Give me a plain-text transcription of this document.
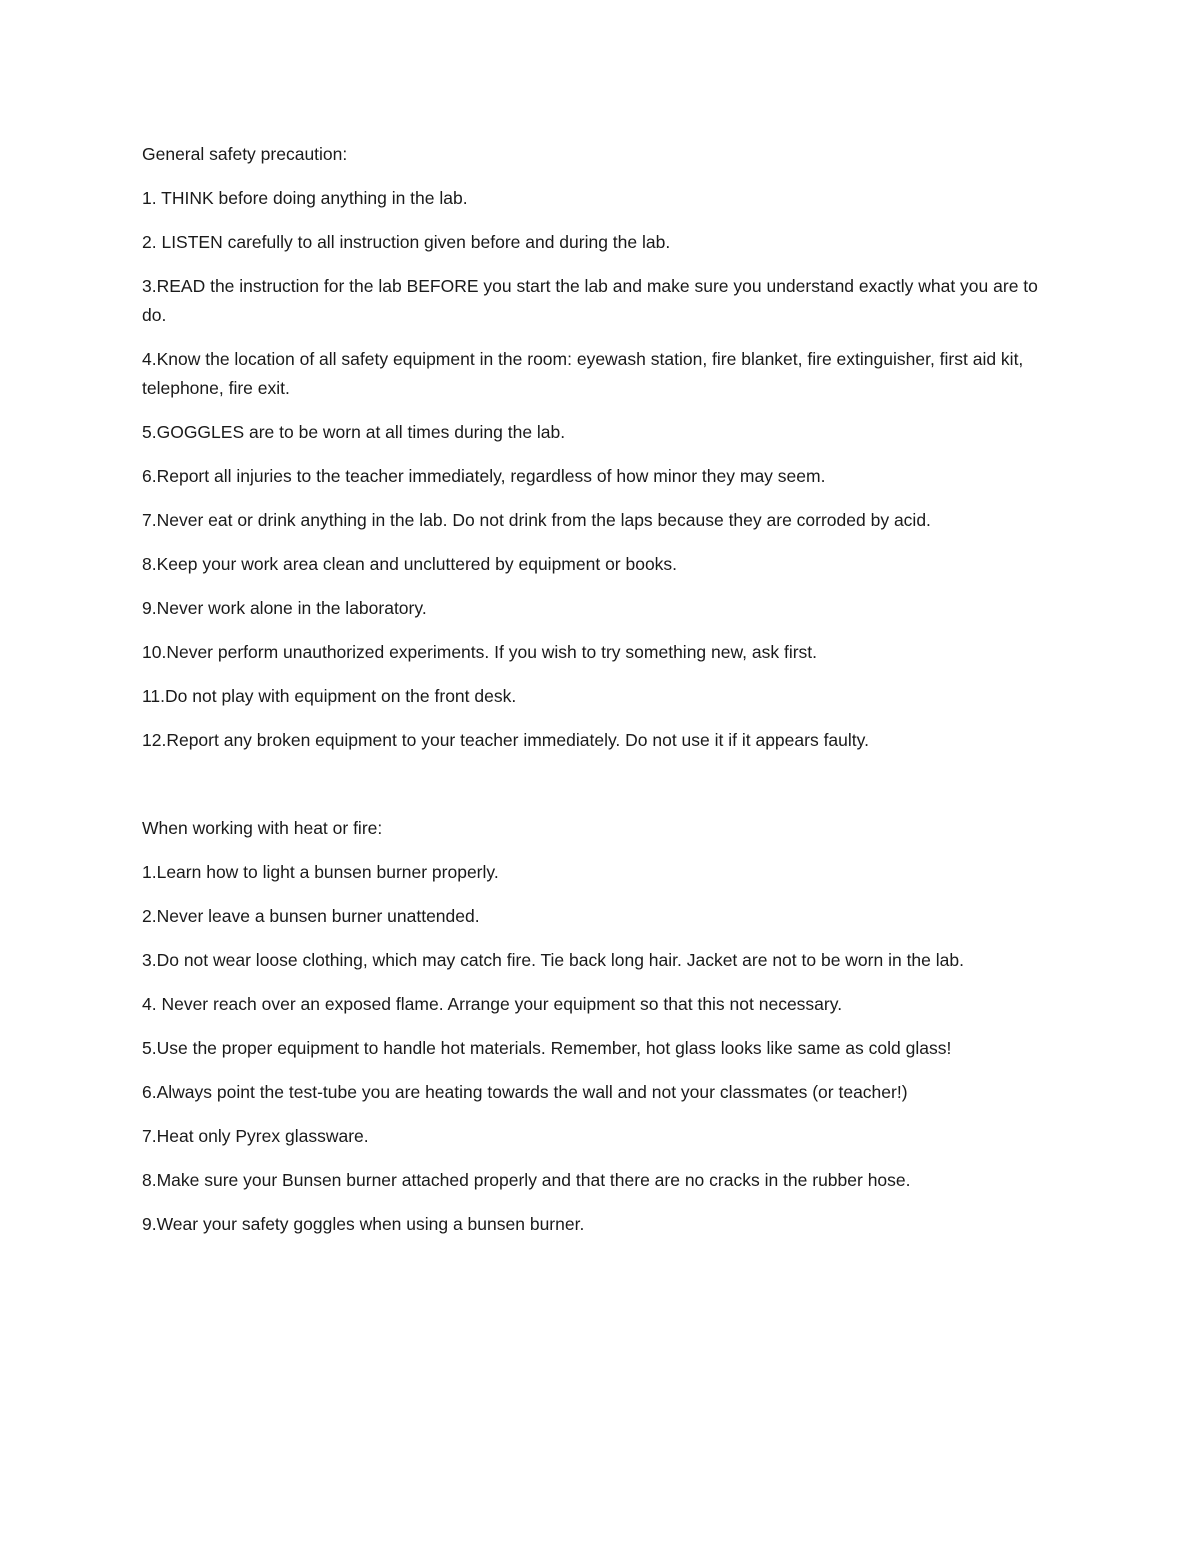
General safety precaution:

1. THINK before doing anything in the lab.
2. LISTEN carefully to all instruction given before and during the lab.
3.READ the instruction for the lab BEFORE you start the lab and make sure you understand exactly what you are to do.
4.Know the location of all safety equipment in the room: eyewash station, fire blanket, fire extinguisher, first aid kit, telephone, fire exit.
5.GOGGLES are to be worn at all times during the lab.
6.Report all injuries to the teacher immediately, regardless of how minor they may seem.
7.Never eat or drink anything in the lab. Do not drink from the laps because they are corroded by acid.
8.Keep your work area clean and uncluttered by equipment or books.
9.Never work alone in the laboratory.
10.Never perform unauthorized experiments. If you wish to try something new, ask first.
11.Do not play with equipment on the front desk.
12.Report any broken equipment to your teacher immediately. Do not use it if it appears faulty.

When working with heat or fire:

1.Learn how to light a bunsen burner properly.
2.Never leave a bunsen burner unattended.
3.Do not wear loose clothing, which may catch fire. Tie back long hair. Jacket are not to be worn in the lab.
4. Never reach over an exposed flame. Arrange your equipment so that this not necessary.
5.Use the proper equipment to handle hot materials. Remember, hot glass looks like same as cold glass!
6.Always point the test-tube you are heating towards the wall and not your classmates (or teacher!)
7.Heat only Pyrex glassware.
8.Make sure your Bunsen burner attached properly and that there are no cracks in the rubber hose.
9.Wear your safety goggles when using a bunsen burner.
